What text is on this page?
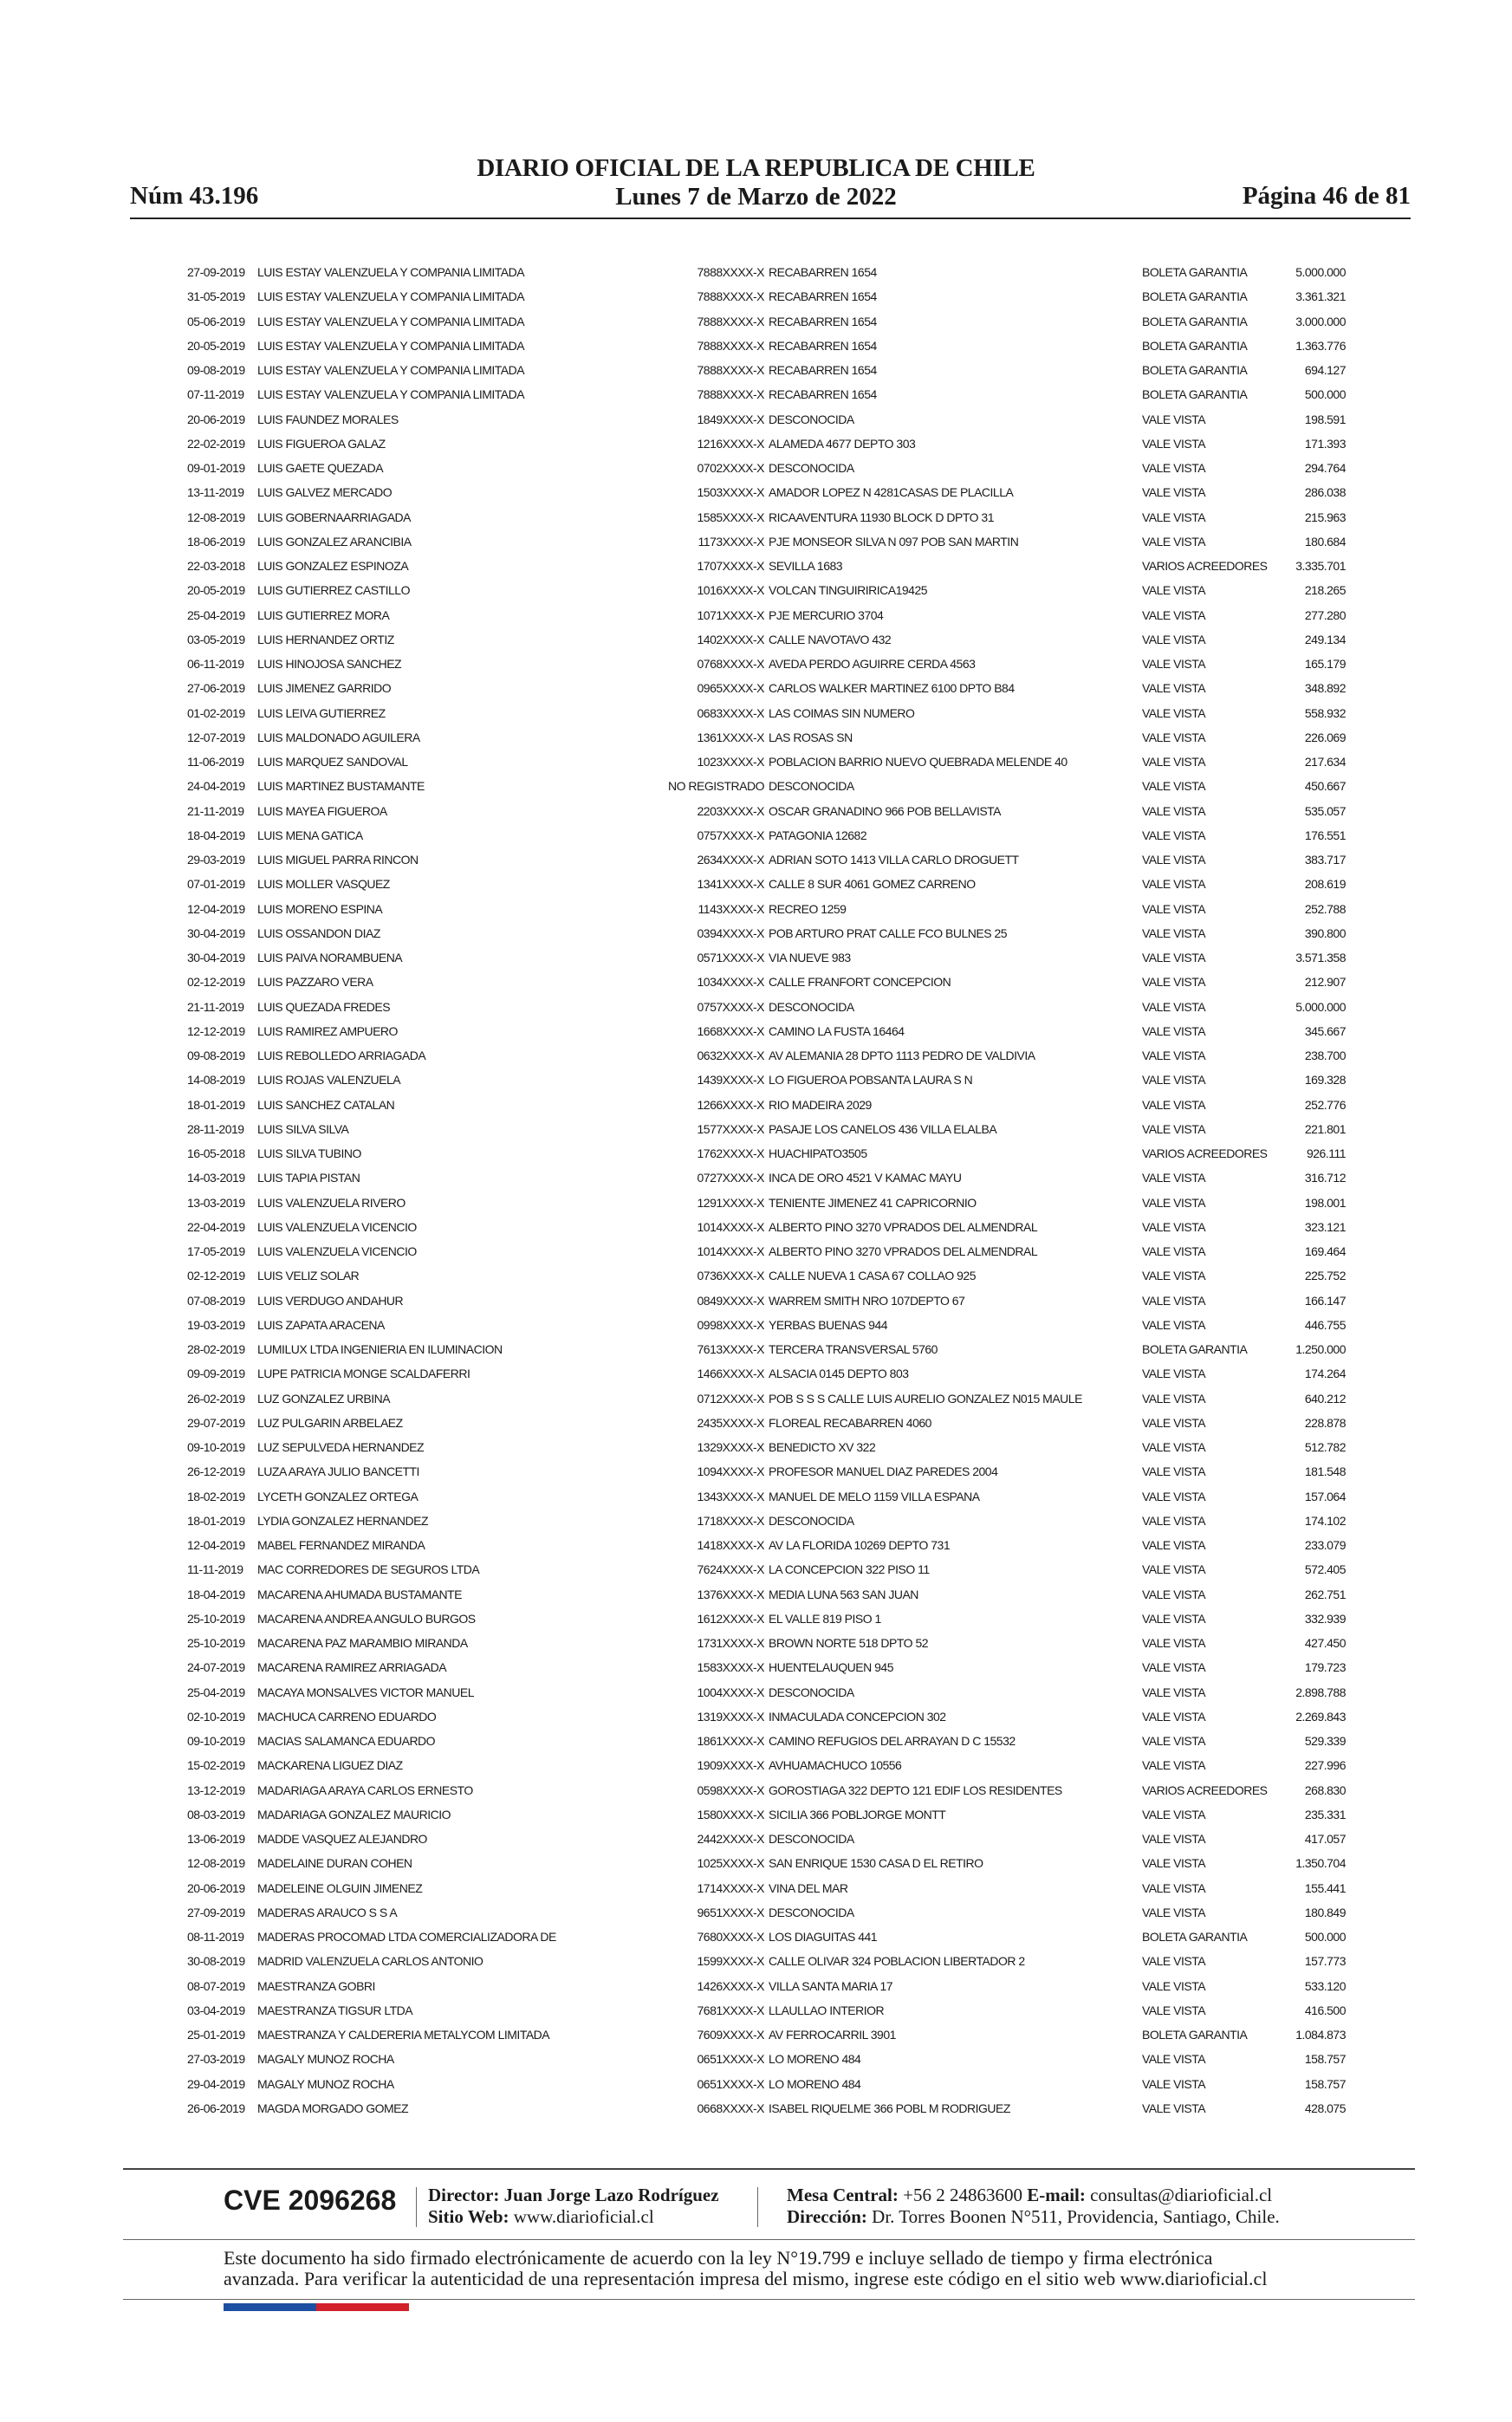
DIARIO OFICIAL DE LA REPUBLICA DE CHILE
Núm 43.196	Lunes 7 de Marzo de 2022	Página 46 de 81
27-09-2019	LUIS ESTAY VALENZUELA Y COMPANIA LIMITADA	7888XXXX-X RECABARREN 1654	BOLETA GARANTIA	5.000.000
31-05-2019	LUIS ESTAY VALENZUELA Y COMPANIA LIMITADA	7888XXXX-X RECABARREN 1654	BOLETA GARANTIA	3.361.321
05-06-2019	LUIS ESTAY VALENZUELA Y COMPANIA LIMITADA	7888XXXX-X RECABARREN 1654	BOLETA GARANTIA	3.000.000
20-05-2019	LUIS ESTAY VALENZUELA Y COMPANIA LIMITADA	7888XXXX-X RECABARREN 1654	BOLETA GARANTIA	1.363.776
09-08-2019	LUIS ESTAY VALENZUELA Y COMPANIA LIMITADA	7888XXXX-X RECABARREN 1654	BOLETA GARANTIA	694.127
07-11-2019	LUIS ESTAY VALENZUELA Y COMPANIA LIMITADA	7888XXXX-X RECABARREN 1654	BOLETA GARANTIA	500.000
20-06-2019	LUIS FAUNDEZ MORALES	1849XXXX-X DESCONOCIDA	VALE VISTA	198.591
22-02-2019	LUIS FIGUEROA GALAZ	1216XXXX-X ALAMEDA 4677 DEPTO 303	VALE VISTA	171.393
09-01-2019	LUIS GAETE QUEZADA	0702XXXX-X DESCONOCIDA	VALE VISTA	294.764
13-11-2019	LUIS GALVEZ MERCADO	1503XXXX-X AMADOR LOPEZ N 4281CASAS DE PLACILLA	VALE VISTA	286.038
12-08-2019	LUIS GOBERNAARRIAGADA	1585XXXX-X RICAAVENTURA 11930 BLOCK D DPTO 31	VALE VISTA	215.963
18-06-2019	LUIS GONZALEZ ARANCIBIA	1173XXXX-X PJE MONSEOR SILVA N 097 POB SAN MARTIN	VALE VISTA	180.684
22-03-2018	LUIS GONZALEZ ESPINOZA	1707XXXX-X SEVILLA 1683	VARIOS ACREEDORES	3.335.701
20-05-2019	LUIS GUTIERREZ CASTILLO	1016XXXX-X VOLCAN TINGUIRIRICA19425	VALE VISTA	218.265
25-04-2019	LUIS GUTIERREZ MORA	1071XXXX-X PJE MERCURIO 3704	VALE VISTA	277.280
03-05-2019	LUIS HERNANDEZ ORTIZ	1402XXXX-X CALLE NAVOTAVO 432	VALE VISTA	249.134
06-11-2019	LUIS HINOJOSA SANCHEZ	0768XXXX-X AVEDA PERDO AGUIRRE CERDA 4563	VALE VISTA	165.179
27-06-2019	LUIS JIMENEZ GARRIDO	0965XXXX-X CARLOS WALKER MARTINEZ 6100 DPTO B84	VALE VISTA	348.892
01-02-2019	LUIS LEIVA GUTIERREZ	0683XXXX-X LAS COIMAS SIN NUMERO	VALE VISTA	558.932
12-07-2019	LUIS MALDONADO AGUILERA	1361XXXX-X LAS ROSAS SN	VALE VISTA	226.069
11-06-2019	LUIS MARQUEZ SANDOVAL	1023XXXX-X POBLACION BARRIO NUEVO QUEBRADA MELENDE 40	VALE VISTA	217.634
24-04-2019	LUIS MARTINEZ BUSTAMANTE	NO REGISTRADO DESCONOCIDA	VALE VISTA	450.667
21-11-2019	LUIS MAYEA FIGUEROA	2203XXXX-X OSCAR GRANADINO 966 POB BELLAVISTA	VALE VISTA	535.057
18-04-2019	LUIS MENA GATICA	0757XXXX-X PATAGONIA 12682	VALE VISTA	176.551
29-03-2019	LUIS MIGUEL PARRA RINCON	2634XXXX-X ADRIAN SOTO 1413 VILLA CARLO DROGUETT	VALE VISTA	383.717
07-01-2019	LUIS MOLLER VASQUEZ	1341XXXX-X CALLE 8 SUR 4061 GOMEZ CARRENO	VALE VISTA	208.619
12-04-2019	LUIS MORENO ESPINA	1143XXXX-X RECREO 1259	VALE VISTA	252.788
30-04-2019	LUIS OSSANDON DIAZ	0394XXXX-X POB ARTURO PRAT CALLE FCO BULNES 25	VALE VISTA	390.800
30-04-2019	LUIS PAIVA NORAMBUENA	0571XXXX-X VIA NUEVE 983	VALE VISTA	3.571.358
02-12-2019	LUIS PAZZARO VERA	1034XXXX-X CALLE FRANFORT CONCEPCION	VALE VISTA	212.907
21-11-2019	LUIS QUEZADA FREDES	0757XXXX-X DESCONOCIDA	VALE VISTA	5.000.000
12-12-2019	LUIS RAMIREZ AMPUERO	1668XXXX-X CAMINO LA FUSTA 16464	VALE VISTA	345.667
09-08-2019	LUIS REBOLLEDO ARRIAGADA	0632XXXX-X AV ALEMANIA 28 DPTO 1113 PEDRO DE VALDIVIA	VALE VISTA	238.700
14-08-2019	LUIS ROJAS VALENZUELA	1439XXXX-X LO FIGUEROA POBSANTA LAURA S N	VALE VISTA	169.328
18-01-2019	LUIS SANCHEZ CATALAN	1266XXXX-X RIO MADEIRA 2029	VALE VISTA	252.776
28-11-2019	LUIS SILVA SILVA	1577XXXX-X PASAJE LOS CANELOS 436 VILLA ELALBA	VALE VISTA	221.801
16-05-2018	LUIS SILVA TUBINO	1762XXXX-X HUACHIPATO3505	VARIOS ACREEDORES	926.111
14-03-2019	LUIS TAPIA PISTAN	0727XXXX-X INCA DE ORO 4521 V KAMAC MAYU	VALE VISTA	316.712
13-03-2019	LUIS VALENZUELA RIVERO	1291XXXX-X TENIENTE JIMENEZ 41 CAPRICORNIO	VALE VISTA	198.001
22-04-2019	LUIS VALENZUELA VICENCIO	1014XXXX-X ALBERTO PINO 3270 VPRADOS DEL ALMENDRAL	VALE VISTA	323.121
17-05-2019	LUIS VALENZUELA VICENCIO	1014XXXX-X ALBERTO PINO 3270 VPRADOS DEL ALMENDRAL	VALE VISTA	169.464
02-12-2019	LUIS VELIZ SOLAR	0736XXXX-X CALLE NUEVA 1 CASA 67 COLLAO 925	VALE VISTA	225.752
07-08-2019	LUIS VERDUGO ANDAHUR	0849XXXX-X WARREM SMITH NRO 107DEPTO 67	VALE VISTA	166.147
19-03-2019	LUIS ZAPATA ARACENA	0998XXXX-X YERBAS BUENAS 944	VALE VISTA	446.755
28-02-2019	LUMILUX LTDA INGENIERIA EN ILUMINACION	7613XXXX-X TERCERA TRANSVERSAL 5760	BOLETA GARANTIA	1.250.000
09-09-2019	LUPE PATRICIA MONGE SCALDAFERRI	1466XXXX-X ALSACIA 0145 DEPTO 803	VALE VISTA	174.264
26-02-2019	LUZ GONZALEZ URBINA	0712XXXX-X POB S S S CALLE LUIS AURELIO GONZALEZ N015 MAULE	VALE VISTA	640.212
29-07-2019	LUZ PULGARIN ARBELAEZ	2435XXXX-X FLOREAL RECABARREN 4060	VALE VISTA	228.878
09-10-2019	LUZ SEPULVEDA HERNANDEZ	1329XXXX-X BENEDICTO XV 322	VALE VISTA	512.782
26-12-2019	LUZA ARAYA JULIO BANCETTI	1094XXXX-X PROFESOR MANUEL DIAZ PAREDES 2004	VALE VISTA	181.548
18-02-2019	LYCETH GONZALEZ ORTEGA	1343XXXX-X MANUEL DE MELO 1159 VILLA ESPANA	VALE VISTA	157.064
18-01-2019	LYDIA GONZALEZ HERNANDEZ	1718XXXX-X DESCONOCIDA	VALE VISTA	174.102
12-04-2019	MABEL FERNANDEZ MIRANDA	1418XXXX-X AV LA FLORIDA 10269 DEPTO 731	VALE VISTA	233.079
11-11-2019	MAC CORREDORES DE SEGUROS LTDA	7624XXXX-X LA CONCEPCION 322 PISO 11	VALE VISTA	572.405
18-04-2019	MACARENA AHUMADA BUSTAMANTE	1376XXXX-X MEDIA LUNA 563 SAN JUAN	VALE VISTA	262.751
25-10-2019	MACARENA ANDREA ANGULO BURGOS	1612XXXX-X EL VALLE 819 PISO 1	VALE VISTA	332.939
25-10-2019	MACARENA PAZ MARAMBIO MIRANDA	1731XXXX-X BROWN NORTE 518 DPTO 52	VALE VISTA	427.450
24-07-2019	MACARENA RAMIREZ ARRIAGADA	1583XXXX-X HUENTELAUQUEN 945	VALE VISTA	179.723
25-04-2019	MACAYA MONSALVES VICTOR MANUEL	1004XXXX-X DESCONOCIDA	VALE VISTA	2.898.788
02-10-2019	MACHUCA CARRENO EDUARDO	1319XXXX-X INMACULADA CONCEPCION 302	VALE VISTA	2.269.843
09-10-2019	MACIAS SALAMANCA EDUARDO	1861XXXX-X CAMINO REFUGIOS DEL ARRAYAN D C 15532	VALE VISTA	529.339
15-02-2019	MACKARENA LIGUEZ DIAZ	1909XXXX-X AVHUAMACHUCO 10556	VALE VISTA	227.996
13-12-2019	MADARIAGA ARAYA CARLOS ERNESTO	0598XXXX-X GOROSTIAGA 322 DEPTO 121 EDIF LOS RESIDENTES	VARIOS ACREEDORES	268.830
08-03-2019	MADARIAGA GONZALEZ MAURICIO	1580XXXX-X SICILIA 366 POBLJORGE MONTT	VALE VISTA	235.331
13-06-2019	MADDE VASQUEZ ALEJANDRO	2442XXXX-X DESCONOCIDA	VALE VISTA	417.057
12-08-2019	MADELAINE DURAN COHEN	1025XXXX-X SAN ENRIQUE 1530 CASA D EL RETIRO	VALE VISTA	1.350.704
20-06-2019	MADELEINE OLGUIN JIMENEZ	1714XXXX-X VINA DEL MAR	VALE VISTA	155.441
27-09-2019	MADERAS ARAUCO S S A	9651XXXX-X DESCONOCIDA	VALE VISTA	180.849
08-11-2019	MADERAS PROCOMAD LTDA COMERCIALIZADORA DE	7680XXXX-X LOS DIAGUITAS 441	BOLETA GARANTIA	500.000
30-08-2019	MADRID VALENZUELA CARLOS ANTONIO	1599XXXX-X CALLE OLIVAR 324 POBLACION LIBERTADOR 2	VALE VISTA	157.773
08-07-2019	MAESTRANZA GOBRI	1426XXXX-X VILLA SANTA MARIA 17	VALE VISTA	533.120
03-04-2019	MAESTRANZA TIGSUR LTDA	7681XXXX-X LLAULLAO INTERIOR	VALE VISTA	416.500
25-01-2019	MAESTRANZA Y CALDERERIA METALYCOM LIMITADA	7609XXXX-X AV FERROCARRIL 3901	BOLETA GARANTIA	1.084.873
27-03-2019	MAGALY MUNOZ ROCHA	0651XXXX-X LO MORENO 484	VALE VISTA	158.757
29-04-2019	MAGALY MUNOZ ROCHA	0651XXXX-X LO MORENO 484	VALE VISTA	158.757
26-06-2019	MAGDA MORGADO GOMEZ	0668XXXX-X ISABEL RIQUELME 366 POBL M RODRIGUEZ	VALE VISTA	428.075
CVE 2096268 Director: Juan Jorge Lazo Rodríguez
Sitio Web: www.diarioficial.cl
Mesa Central: +56 2 24863600 E-mail: consultas@diarioficial.cl
Dirección: Dr. Torres Boonen N°511, Providencia, Santiago, Chile.
Este documento ha sido firmado electrónicamente de acuerdo con la ley N°19.799 e incluye sellado de tiempo y firma electrónica
avanzada. Para verificar la autenticidad de una representación impresa del mismo, ingrese este código en el sitio web www.diarioficial.cl
